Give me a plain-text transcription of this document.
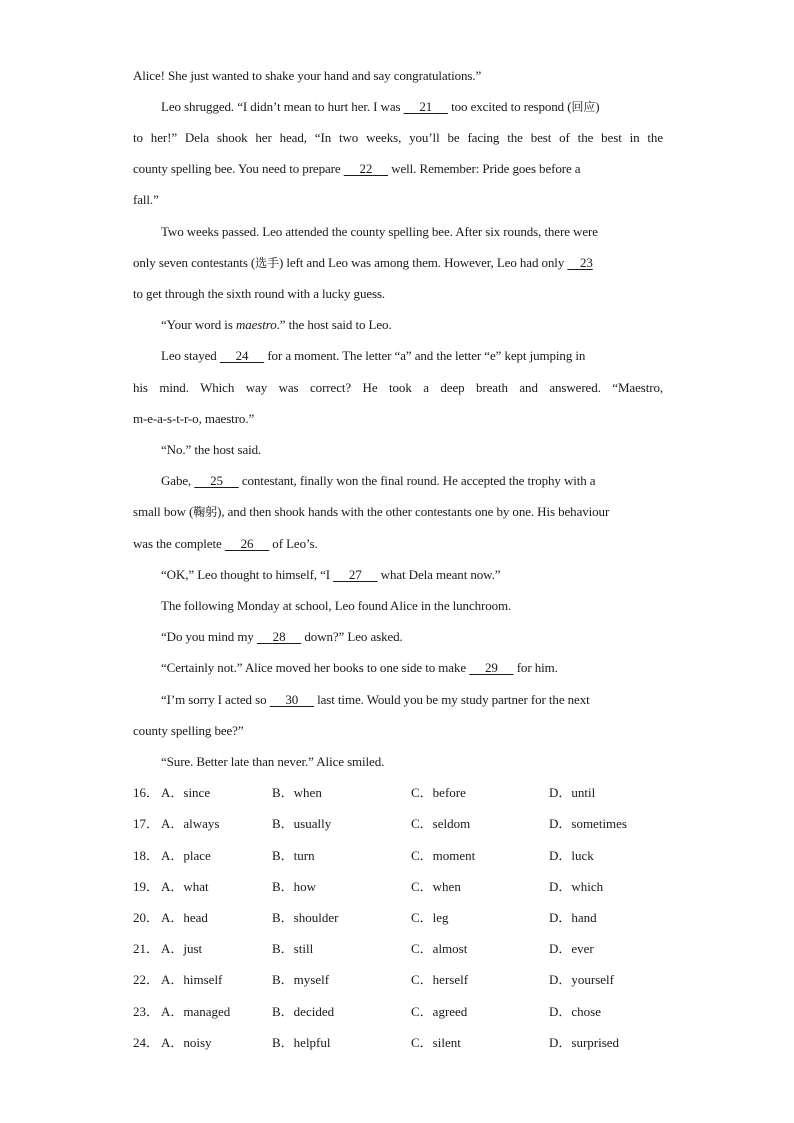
Alice! She just wanted to shake your hand and say congratulations.”
Leo shrugged. “I didn’t mean to hurt her. I was      21      too excited to respond (回应)
to her!” Dela shook her head, “In two weeks, you’ll be facing the best of the best in the
county spelling bee. You need to prepare      22      well. Remember: Pride goes before a
fall.”
Two weeks passed. Leo attended the county spelling bee. After six rounds, there were
only seven contestants (选手) left and Leo was among them. However, Leo had only     23
to get through the sixth round with a lucky guess.
“Your word is maestro.” the host said to Leo.
Leo stayed      24      for a moment. The letter “a” and the letter “e” kept jumping in
his mind. Which way was correct? He took a deep breath and answered. “Maestro,
m-e-a-s-t-r-o, maestro.”
“No.” the host said.
Gabe,      25      contestant, finally won the final round. He accepted the trophy with a
small bow (鞠躬), and then shook hands with the other contestants one by one. His behaviour
was the complete      26      of Leo’s.
“OK,” Leo thought to himself, “I      27      what Dela meant now.”
The following Monday at school, Leo found Alice in the lunchroom.
“Do you mind my      28      down?” Leo asked.
“Certainly not.” Alice moved her books to one side to make      29      for him.
“I’m sorry I acted so      30      last time. Would you be my study partner for the next
county spelling bee?”
“Sure. Better late than never.” Alice smiled.
16． A．since	B．when	C．before	D．until
17． A．always	B．usually	C．seldom	D．sometimes
18． A．place	B．turn	C．moment	D．luck
19． A．what	B．how	C．when	D．which
20． A．head	B．shoulder	C．leg	D．hand
21． A．just	B．still	C．almost	D．ever
22． A．himself	B．myself	C．herself	D．yourself
23． A．managed	B．decided	C．agreed	D．chose
24． A．noisy	B．helpful	C．silent	D．surprised
